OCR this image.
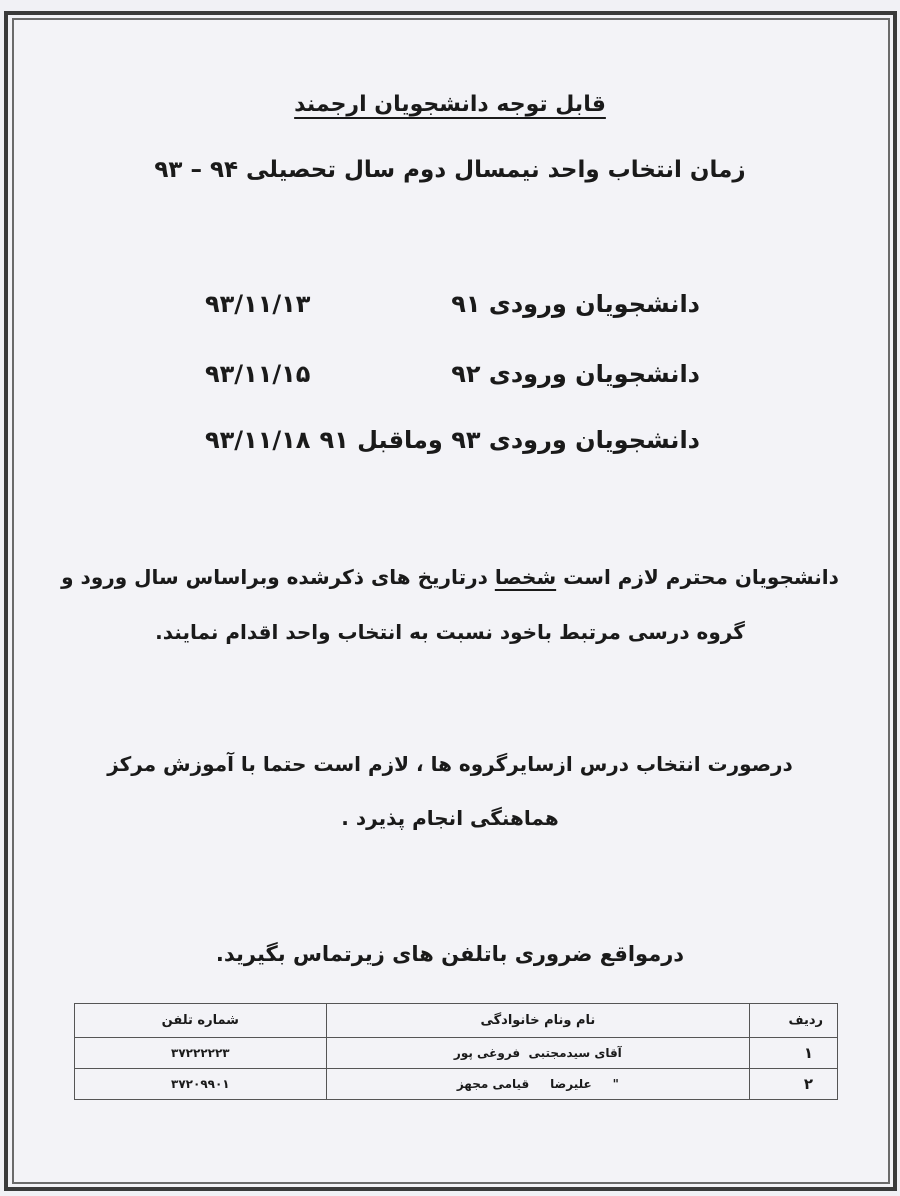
قابل توجه دانشجویان ارجمند
زمان انتخاب واحد نیمسال دوم سال تحصیلی ۹۴ – ۹۳
دانشجویان ورودی ۹۱
۹۳/۱۱/۱۳
دانشجویان ورودی ۹۲
۹۳/۱۱/۱۵
دانشجویان ورودی ۹۳ وماقبل ۹۱
۹۳/۱۱/۱۸
دانشجویان محترم لازم است شخصا درتاریخ های ذکرشده وبراساس سال ورود و
گروه درسی مرتبط باخود نسبت به انتخاب واحد اقدام نمایند.
درصورت انتخاب درس ازسایرگروه ها ، لازم است حتما با آموزش مرکز
هماهنگی انجام پذیرد .
درمواقع ضروری باتلفن های زیرتماس بگیرید.
ردیف	نام ونام خانوادگی	شماره تلفن
۱	آقای سیدمجتبی  فروغی پور	۳۷۲۲۲۲۲۳
۲	"     علیرضا     قیامی مجهز	۳۷۲۰۹۹۰۱
